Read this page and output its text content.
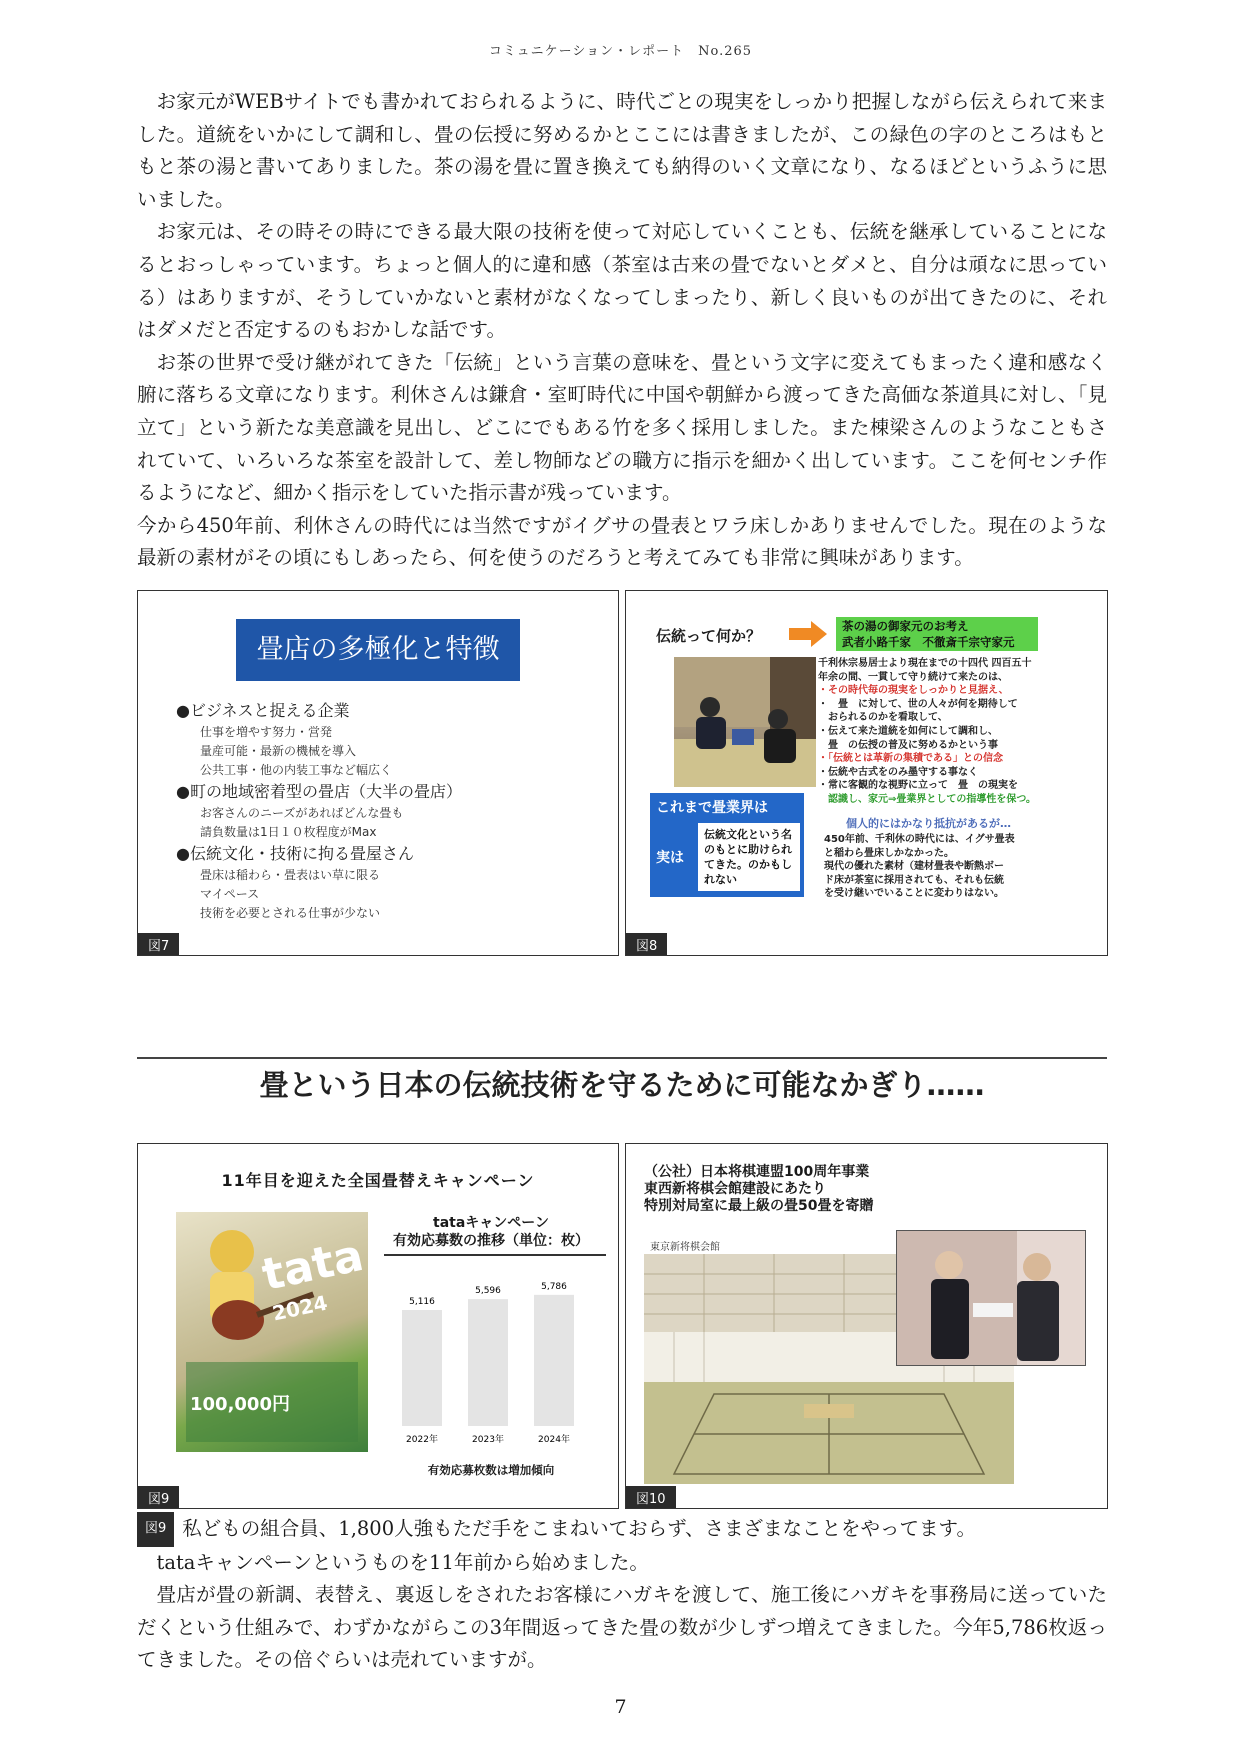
コミュニケーション・レポート　No.265

お家元がWEBサイトでも書かれておられるように、時代ごとの現実をしっかり把握しながら伝えられて来ました。道統をいかにして調和し、畳の伝授に努めるかとここには書きましたが、この緑色の字のところはもともと茶の湯と書いてありました。茶の湯を畳に置き換えても納得のいく文章になり、なるほどというふうに思いました。

お家元は、その時その時にできる最大限の技術を使って対応していくことも、伝統を継承していることになるとおっしゃっています。ちょっと個人的に違和感（茶室は古来の畳でないとダメと、自分は頑なに思っている）はありますが、そうしていかないと素材がなくなってしまったり、新しく良いものが出てきたのに、それはダメだと否定するのもおかしな話です。

お茶の世界で受け継がれてきた「伝統」という言葉の意味を、畳という文字に変えてもまったく違和感なく腑に落ちる文章になります。利休さんは鎌倉・室町時代に中国や朝鮮から渡ってきた高価な茶道具に対し、「見立て」という新たな美意識を見出し、どこにでもある竹を多く採用しました。また棟梁さんのようなこともされていて、いろいろな茶室を設計して、差し物師などの職方に指示を細かく出しています。ここを何センチ作るようになど、細かく指示をしていた指示書が残っています。

今から450年前、利休さんの時代には当然ですがイグサの畳表とワラ床しかありませんでした。現在のような最新の素材がその頃にもしあったら、何を使うのだろうと考えてみても非常に興味があります。

畳店の多極化と特徴
●ビジネスと捉える企業
仕事を増やす努力・営発
量産可能・最新の機械を導入
公共工事・他の内装工事など幅広く
●町の地域密着型の畳店（大半の畳店）
お客さんのニーズがあればどんな畳も
請負数量は1日１０枚程度がMax
●伝統文化・技術に拘る畳屋さん
畳床は稲わら・畳表はい草に限る
マイペース
技術を必要とされる仕事が少ない
図7
伝統って何か？
茶の湯の御家元のお考え
武者小路千家　不徹斎千宗守家元
千利休宗易居士より現在までの十四代 四百五十
年余の間、一貫して守り続けて来たのは、
・その時代毎の現実をしっかりと見据え、
・　畳　に対して、世の人々が何を期待して
　おられるのかを看取して、
・伝えて来た道統を如何にして調和し、
　畳　の伝授の普及に努めるかという事
・「伝統とは革新の集積である」との信念
・伝統や古式をのみ墨守する事なく
・常に客観的な視野に立って　畳　の現実を
　認識し、家元⇒畳業界としての指導性を保つ。
これまで畳業界は
実は
伝統文化という名のもとに助けられてきた。のかもしれない
個人的にはかなり抵抗があるが…
450年前、千利休の時代には、イグサ畳表
と稲わら畳床しかなかった。
現代の優れた素材（建材畳表や断熱ボー
ド床が茶室に採用されても、それも伝統
を受け継いでいることに変わりはない。
図8
畳という日本の伝統技術を守るために可能なかぎり……
11年目を迎えた全国畳替えキャンペーン
tata
2024
100,000円
tataキャンペーン
有効応募数の推移（単位：枚）
5,116
2022年
5,596
2023年
5,786
2024年
有効応募枚数は増加傾向
図9
（公社）日本将棋連盟100周年事業
東西新将棋会館建設にあたり
特別対局室に最上級の畳50畳を寄贈
東京新将棋会館
図10

図9 私どもの組合員、1,800人強もただ手をこまねいておらず、さまざまなことをやってます。

tataキャンペーンというものを11年前から始めました。

畳店が畳の新調、表替え、裏返しをされたお客様にハガキを渡して、施工後にハガキを事務局に送っていただくという仕組みで、わずかながらこの3年間返ってきた畳の数が少しずつ増えてきました。今年5,786枚返ってきました。その倍ぐらいは売れていますが。

7
